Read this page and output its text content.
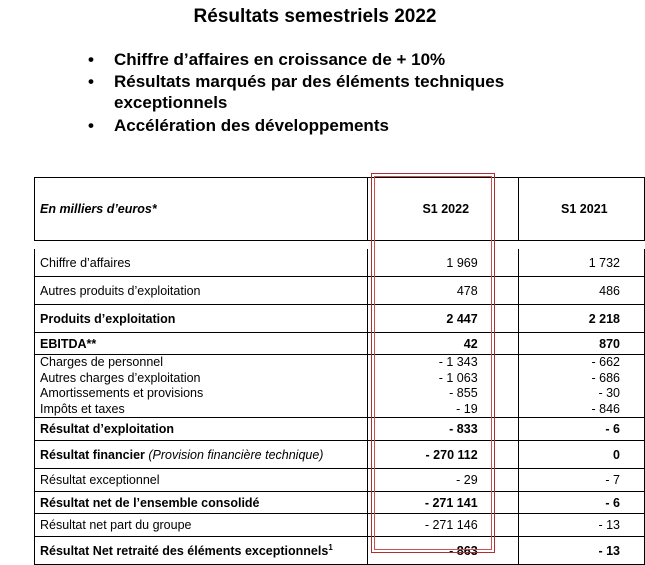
Résultats semestriels 2022
• Chiffre d’affaires en croissance de + 10%
• Résultats marqués par des éléments techniques exceptionnels
• Accélération des développements
En milliers d’euros*	S1 2022	S1 2021

Chiffre d’affaires	1 969	1 732
Autres produits d’exploitation	478	486
Produits d’exploitation	2 447	2 218
EBITDA**	42	870
Charges de personnel	- 1 343	- 662
Autres charges d’exploitation	- 1 063	- 686
Amortissements et provisions	- 855	- 30
Impôts et taxes	- 19	- 846
Résultat d’exploitation	- 833	- 6
Résultat financier (Provision financière technique)	- 270 112	0
Résultat exceptionnel	- 29	- 7
Résultat net de l’ensemble consolidé	- 271 141	- 6
Résultat net part du groupe	- 271 146	- 13
Résultat Net retraité des éléments exceptionnels$^1$	- 863	- 13
